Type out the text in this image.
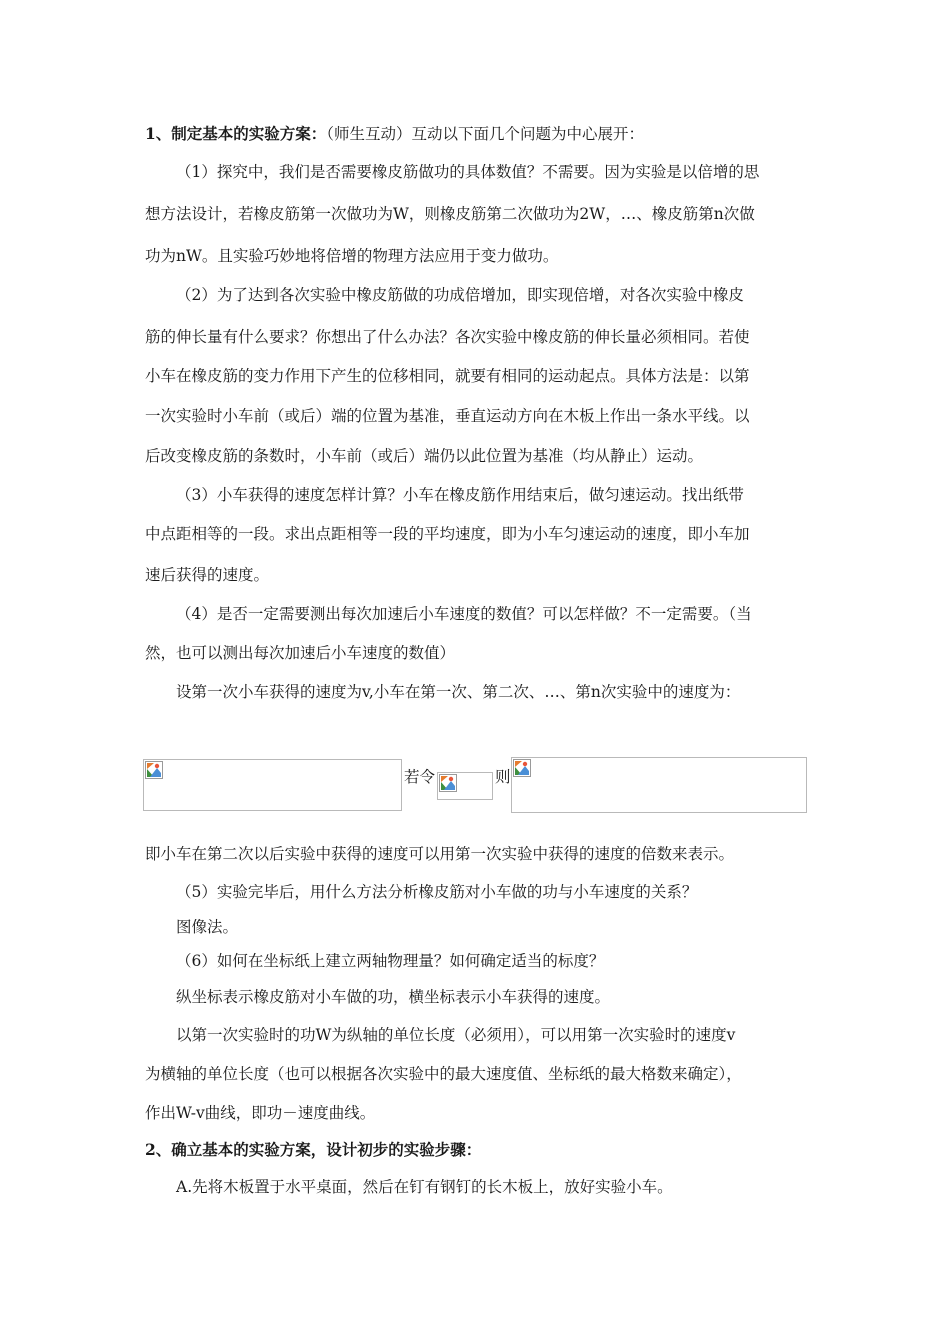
1、制定基本的实验方案：（师生互动）互动以下面几个问题为中心展开：
（1）探究中，我们是否需要橡皮筋做功的具体数值？不需要。因为实验是以倍增的思
想方法设计，若橡皮筋第一次做功为W，则橡皮筋第二次做功为2W，…、橡皮筋第n次做
功为nW。且实验巧妙地将倍增的物理方法应用于变力做功。
（2）为了达到各次实验中橡皮筋做的功成倍增加，即实现倍增，对各次实验中橡皮
筋的伸长量有什么要求？你想出了什么办法？各次实验中橡皮筋的伸长量必须相同。若使
小车在橡皮筋的变力作用下产生的位移相同，就要有相同的运动起点。具体方法是：以第
一次实验时小车前（或后）端的位置为基准，垂直运动方向在木板上作出一条水平线。以
后改变橡皮筋的条数时，小车前（或后）端仍以此位置为基准（均从静止）运动。
（3）小车获得的速度怎样计算？小车在橡皮筋作用结束后，做匀速运动。找出纸带
中点距相等的一段。求出点距相等一段的平均速度，即为小车匀速运动的速度，即小车加
速后获得的速度。
（4）是否一定需要测出每次加速后小车速度的数值？可以怎样做？不一定需要。（当
然，也可以测出每次加速后小车速度的数值）
设第一次小车获得的速度为v,小车在第一次、第二次、…、第n次实验中的速度为：
若令	则
即小车在第二次以后实验中获得的速度可以用第一次实验中获得的速度的倍数来表示。
（5）实验完毕后，用什么方法分析橡皮筋对小车做的功与小车速度的关系？
图像法。
（6）如何在坐标纸上建立两轴物理量？如何确定适当的标度？
纵坐标表示橡皮筋对小车做的功，横坐标表示小车获得的速度。
以第一次实验时的功W为纵轴的单位长度（必须用），可以用第一次实验时的速度v
为横轴的单位长度（也可以根据各次实验中的最大速度值、坐标纸的最大格数来确定），
作出W-v曲线，即功－速度曲线。
2、确立基本的实验方案，设计初步的实验步骤：
A.先将木板置于水平桌面，然后在钉有钢钉的长木板上，放好实验小车。
